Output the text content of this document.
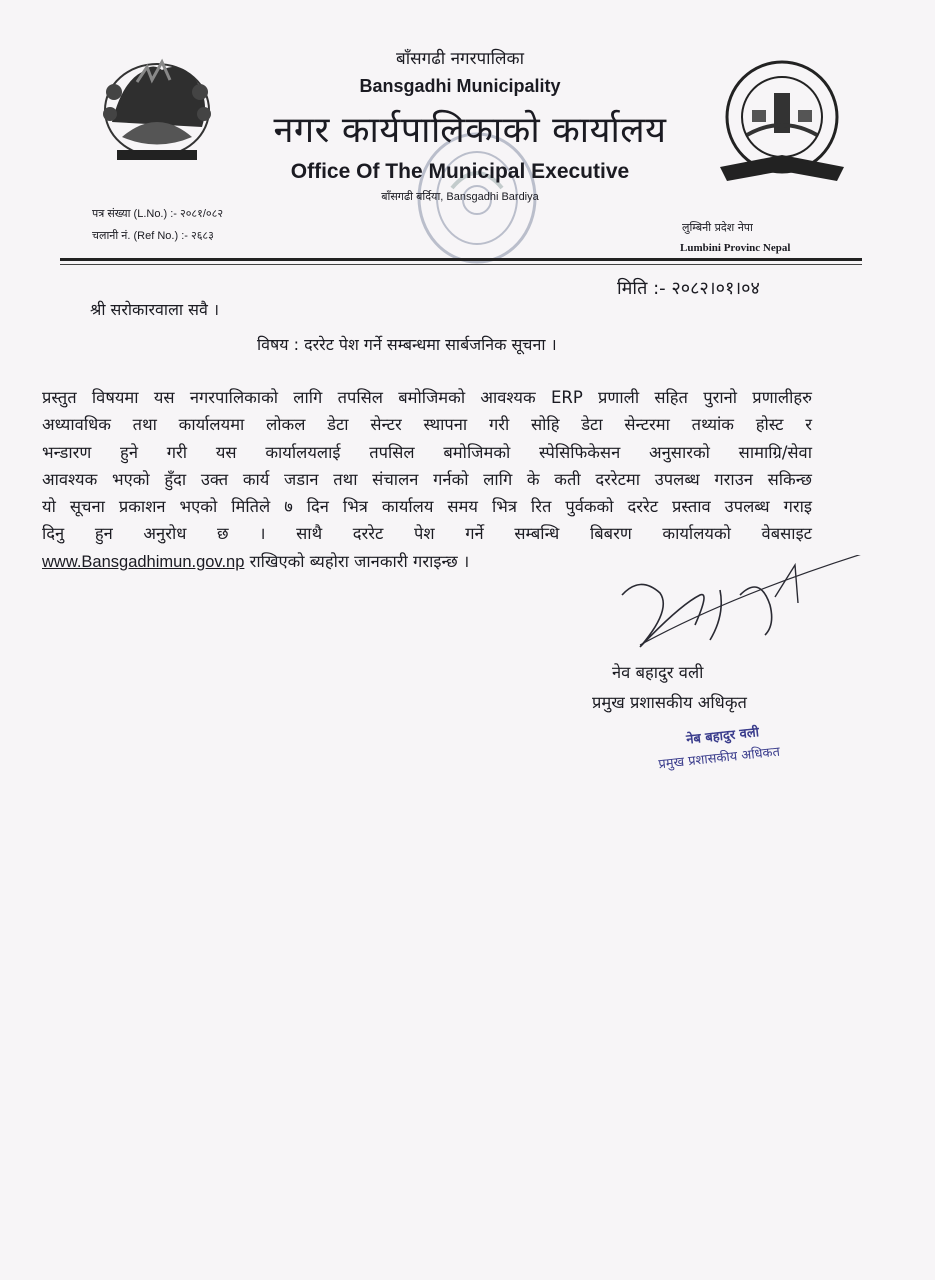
बाँसगढी नगरपालिका
Bansgadhi Municipality
नगर कार्यपालिकाको कार्यालय
Office Of The Municipal Executive
बाँसगढी बर्दिया, Bansgadhi Bardiya
पत्र संख्या (L.No.) :- २०८१/०८२
चलानी नं. (Ref No.) :- २६८३
लुम्बिनी प्रदेश नेपा
Lumbini Provinc Nepal
मिति :- २०८२।०१।०४
श्री सरोकारवाला सवै ।
विषय : दररेट पेश गर्ने सम्बन्धमा सार्बजनिक सूचना ।
प्रस्तुत विषयमा यस नगरपालिकाको लागि तपसिल बमोजिमको आवश्यक ERP प्रणाली सहित पुरानो प्रणालीहरु
अध्यावधिक तथा कार्यालयमा लोकल डेटा सेन्टर स्थापना गरी सोहि डेटा सेन्टरमा तथ्यांक होस्ट र
भन्डारण हुने गरी यस कार्यालयलाई तपसिल बमोजिमको स्पेसिफिकेसन अनुसारको सामाग्रि/सेवा
आवश्यक भएको हुँदा उक्त कार्य जडान तथा संचालन गर्नको लागि के कती दररेटमा उपलब्ध गराउन सकिन्छ
यो सूचना प्रकाशन भएको मितिले ७ दिन भित्र कार्यालय समय भित्र रित पुर्वकको दररेट प्रस्ताव उपलब्ध गराइ
दिनु हुन अनुरोध छ । साथै दररेट पेश गर्ने सम्बन्धि बिबरण कार्यालयको वेबसाइट
www.Bansgadhimun.gov.np राखिएको ब्यहोरा जानकारी गराइन्छ ।
नेव बहादुर वली
प्रमुख प्रशासकीय अधिकृत
नेब बहादुर वली
प्रमुख प्रशासकीय अधिकत
